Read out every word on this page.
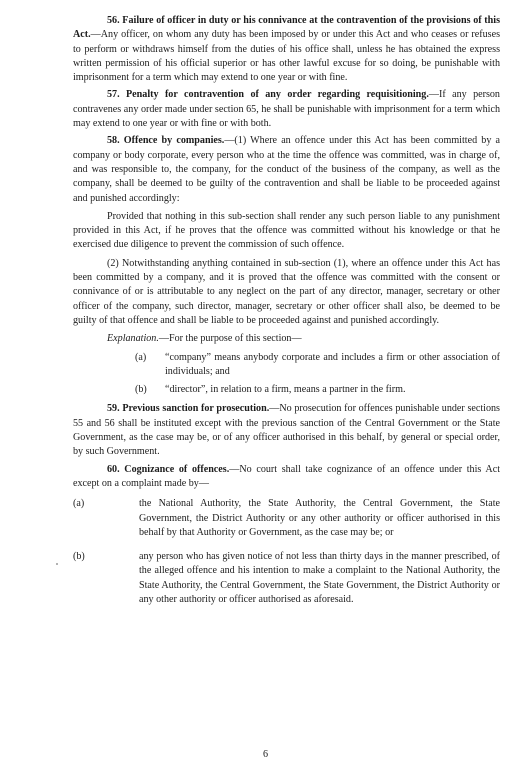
56. Failure of officer in duty or his connivance at the contravention of the provisions of this Act.—Any officer, on whom any duty has been imposed by or under this Act and who ceases or refuses to perform or withdraws himself from the duties of his office shall, unless he has obtained the express written permission of his official superior or has other lawful excuse for so doing, be punishable with imprisonment for a term which may extend to one year or with fine.

57. Penalty for contravention of any order regarding requisitioning.—If any person contravenes any order made under section 65, he shall be punishable with imprisonment for a term which may extend to one year or with fine or with both.

58. Offence by companies.—(1) Where an offence under this Act has been committed by a company or body corporate, every person who at the time the offence was committed, was in charge of, and was responsible to, the company, for the conduct of the business of the company, as well as the company, shall be deemed to be guilty of the contravention and shall be liable to be proceeded against and punished accordingly:

Provided that nothing in this sub-section shall render any such person liable to any punishment provided in this Act, if he proves that the offence was committed without his knowledge or that he exercised due diligence to prevent the commission of such offence.

(2) Notwithstanding anything contained in sub-section (1), where an offence under this Act has been committed by a company, and it is proved that the offence was committed with the consent or connivance of or is attributable to any neglect on the part of any director, manager, secretary or other officer of the company, such director, manager, secretary or other officer shall also, be deemed to be guilty of that offence and shall be liable to be proceeded against and punished accordingly.

Explanation.—For the purpose of this section—

(a)	“company” means anybody corporate and includes a firm or other association of individuals; and
(b)	“director”, in relation to a firm, means a partner in the firm.

59. Previous sanction for prosecution.—No prosecution for offences punishable under sections 55 and 56 shall be instituted except with the previous sanction of the Central Government or the State Government, as the case may be, or of any officer authorised in this behalf, by general or special order, by such Government.

60. Cognizance of offences.—No court shall take cognizance of an offence under this Act except on a complaint made by—

(a)	the National Authority, the State Authority, the Central Government, the State Government, the District Authority or any other authority or officer authorised in this behalf by that Authority or Government, as the case may be; or
(b)	any person who has given notice of not less than thirty days in the manner prescribed, of the alleged offence and his intention to make a complaint to the National Authority, the State Authority, the Central Government, the State Government, the District Authority or any other authority or officer authorised as aforesaid.
6
